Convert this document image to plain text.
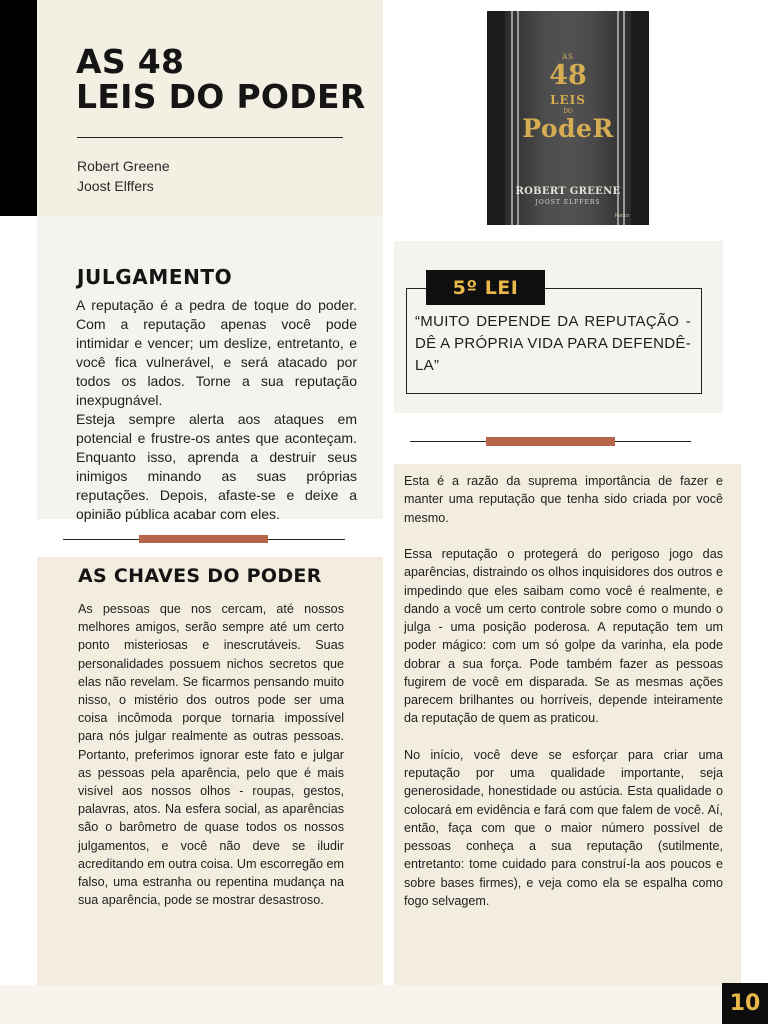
AS 48
LEIS DO PODER
Robert Greene
Joost Elffers
AS
48
LEIS
DO
PodeR
ROBERT GREENE
JOOST ELFFERS
Rocco
JULGAMENTO

A reputação é a pedra de toque do poder. Com a reputação apenas você pode intimidar e vencer; um deslize, entretanto, e você fica vulnerável, e será atacado por todos os lados. Torne a sua reputação inexpugnável.

Esteja sempre alerta aos ataques em potencial e frustre-os antes que aconteçam. Enquanto isso, aprenda a destruir seus inimigos minando as suas próprias reputações. Depois, afaste-se e deixe a opinião pública acabar com eles.

AS CHAVES DO PODER

As pessoas que nos cercam, até nossos melhores amigos, serão sempre até um certo ponto misteriosas e inescrutáveis. Suas personalidades possuem nichos secretos que elas não revelam. Se ficarmos pensando muito nisso, o mistério dos outros pode ser uma coisa incômoda porque tornaria impossível para nós julgar realmente as outras pessoas. Portanto, preferimos ignorar este fato e julgar as pessoas pela aparência, pelo que é mais visível aos nossos olhos - roupas, gestos, palavras, atos. Na esfera social, as aparências são o barômetro de quase todos os nossos julgamentos, e você não deve se iludir acreditando em outra coisa. Um escorregão em falso, uma estranha ou repentina mudança na sua aparência, pode se mostrar desastroso.

5º LEI

“MUITO DEPENDE DA REPUTAÇÃO - DÊ A PRÓPRIA VIDA PARA DEFENDÊ-LA”

Esta é a razão da suprema importância de fazer e manter uma reputação que tenha sido criada por você mesmo.

Essa reputação o protegerá do perigoso jogo das aparências, distraindo os olhos inquisidores dos outros e impedindo que eles saibam como você é realmente, e dando a você um certo controle sobre como o mundo o julga - uma posição poderosa. A reputação tem um poder mágico: com um só golpe da varinha, ela pode dobrar a sua força. Pode também fazer as pessoas fugirem de você em disparada. Se as mesmas ações parecem brilhantes ou horríveis, depende inteiramente da reputação de quem as praticou.

No início, você deve se esforçar para criar uma reputação por uma qualidade importante, seja generosidade, honestidade ou astúcia. Esta qualidade o colocará em evidência e fará com que falem de você. Aí, então, faça com que o maior número possível de pessoas conheça a sua reputação (sutilmente, entretanto: tome cuidado para construí-la aos poucos e sobre bases firmes), e veja como ela se espalha como fogo selvagem.

10
